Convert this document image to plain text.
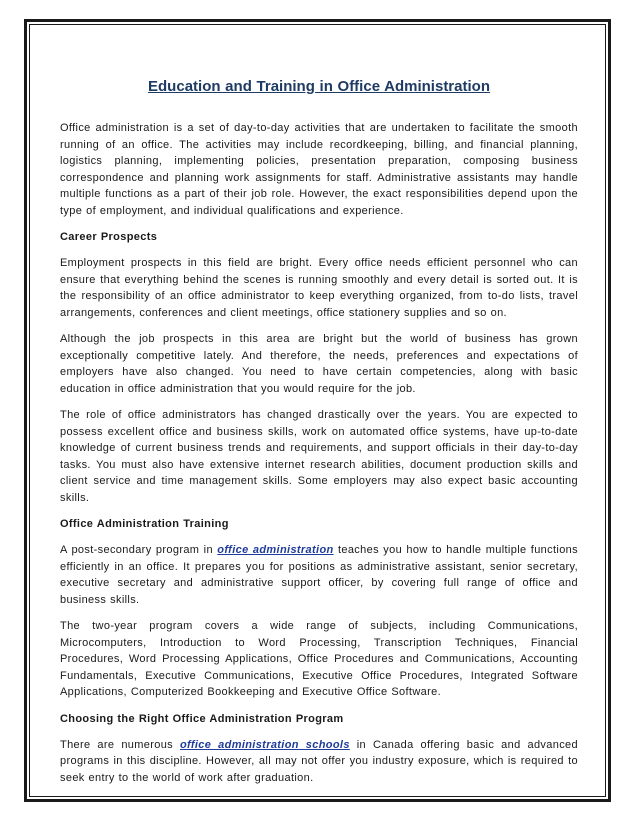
Education and Training in Office Administration

Office administration is a set of day-to-day activities that are undertaken to facilitate the smooth running of an office. The activities may include recordkeeping, billing, and financial planning, logistics planning, implementing policies, presentation preparation, composing business correspondence and planning work assignments for staff. Administrative assistants may handle multiple functions as a part of their job role. However, the exact responsibilities depend upon the type of employment, and individual qualifications and experience.

Career Prospects

Employment prospects in this field are bright. Every office needs efficient personnel who can ensure that everything behind the scenes is running smoothly and every detail is sorted out. It is the responsibility of an office administrator to keep everything organized, from to-do lists, travel arrangements, conferences and client meetings, office stationery supplies and so on.

Although the job prospects in this area are bright but the world of business has grown exceptionally competitive lately. And therefore, the needs, preferences and expectations of employers have also changed. You need to have certain competencies, along with basic education in office administration that you would require for the job.

The role of office administrators has changed drastically over the years. You are expected to possess excellent office and business skills, work on automated office systems, have up-to-date knowledge of current business trends and requirements, and support officials in their day-to-day tasks. You must also have extensive internet research abilities, document production skills and client service and time management skills. Some employers may also expect basic accounting skills.

Office Administration Training

A post-secondary program in office administration teaches you how to handle multiple functions efficiently in an office. It prepares you for positions as administrative assistant, senior secretary, executive secretary and administrative support officer, by covering full range of office and business skills.

The two-year program covers a wide range of subjects, including Communications, Microcomputers, Introduction to Word Processing, Transcription Techniques, Financial Procedures, Word Processing Applications, Office Procedures and Communications, Accounting Fundamentals, Executive Communications, Executive Office Procedures, Integrated Software Applications, Computerized Bookkeeping and Executive Office Software.

Choosing the Right Office Administration Program

There are numerous office administration schools in Canada offering basic and advanced programs in this discipline. However, all may not offer you industry exposure, which is required to seek entry to the world of work after graduation.
